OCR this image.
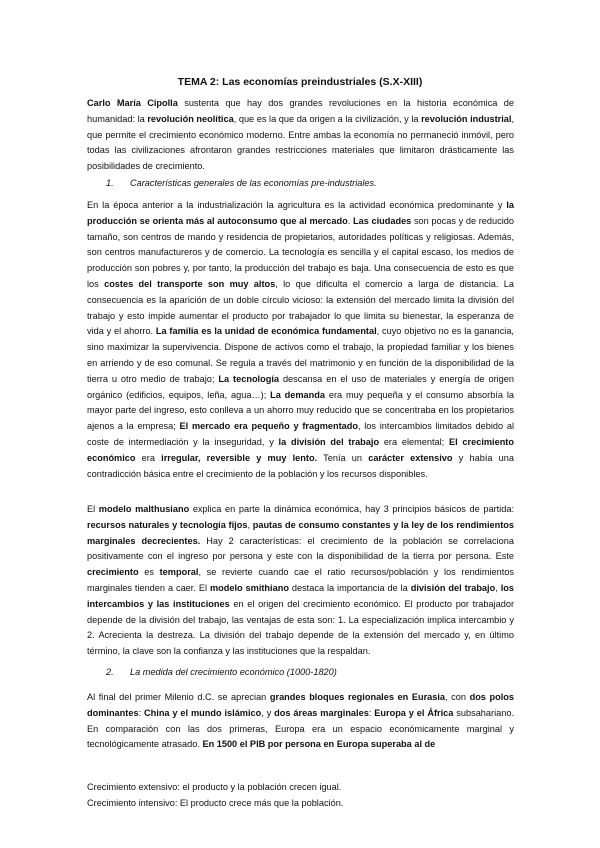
TEMA 2: Las economías preindustriales (S.X-XIII)

Carlo María Cipolla sustenta que hay dos grandes revoluciones en la historia económica de humanidad: la revolución neolítica, que es la que da origen a la civilización, y la revolución industrial, que permite el crecimiento económico moderno. Entre ambas la economía no permaneció inmóvil, pero todas las civilizaciones afrontaron grandes restricciones materiales que limitaron drásticamente las posibilidades de crecimiento.

1. Características generales de las economías pre-industriales.

En la época anterior a la industrialización la agricultura es la actividad económica predominante y la producción se orienta más al autoconsumo que al mercado. Las ciudades son pocas y de reducido tamaño, son centros de mando y residencia de propietarios, autoridades políticas y religiosas. Además, son centros manufactureros y de comercio. La tecnología es sencilla y el capital escaso, los medios de producción son pobres y, por tanto, la producción del trabajo es baja. Una consecuencia de esto es que los costes del transporte son muy altos, lo que dificulta el comercio a larga de distancia. La consecuencia es la aparición de un doble círculo vicioso: la extensión del mercado limita la división del trabajo y esto impide aumentar el producto por trabajador lo que limita su bienestar, la esperanza de vida y el ahorro. La familia es la unidad de económica fundamental, cuyo objetivo no es la ganancia, sino maximizar la supervivencia. Dispone de activos como el trabajo, la propiedad familiar y los bienes en arriendo y de eso comunal. Se regula a través del matrimonio y en función de la disponibilidad de la tierra u otro medio de trabajo; La tecnología descansa en el uso de materiales y energía de origen orgánico (edificios, equipos, leña, agua…); La demanda era muy pequeña y el consumo absorbía la mayor parte del ingreso, esto conlleva a un ahorro muy reducido que se concentraba en los propietarios ajenos a la empresa; El mercado era pequeño y fragmentado, los intercambios limitados debido al coste de intermediación y la inseguridad, y la división del trabajo era elemental; El crecimiento económico era irregular, reversible y muy lento. Tenía un carácter extensivo y había una contradicción básica entre el crecimiento de la población y los recursos disponibles.

El modelo malthusiano explica en parte la dinámica económica, hay 3 principios básicos de partida: recursos naturales y tecnología fijos, pautas de consumo constantes y la ley de los rendimientos marginales decrecientes. Hay 2 características: el crecimiento de la población se correlaciona positivamente con el ingreso por persona y este con la disponibilidad de la tierra por persona. Este crecimiento es temporal, se revierte cuando cae el ratio recursos/población y los rendimientos marginales tienden a caer. El modelo smithiano destaca la importancia de la división del trabajo, los intercambios y las instituciones en el origen del crecimiento económico. El producto por trabajador depende de la división del trabajo, las ventajas de esta son: 1. La especialización implica intercambio y 2. Acrecienta la destreza. La división del trabajo depende de la extensión del mercado y, en último término, la clave son la confianza y las instituciones que la respaldan.

2. La medida del crecimiento económico (1000-1820)

Al final del primer Milenio d.C. se aprecian grandes bloques regionales en Eurasia, con dos polos dominantes: China y el mundo islámico, y dos áreas marginales: Europa y el África subsahariano. En comparación con las dos primeras, Europa era un espacio económicamente marginal y tecnológicamente atrasado. En 1500 el PIB por persona en Europa superaba al de

Crecimiento extensivo: el producto y la población crecen igual.
Crecimiento intensivo: El producto crece más que la población.
